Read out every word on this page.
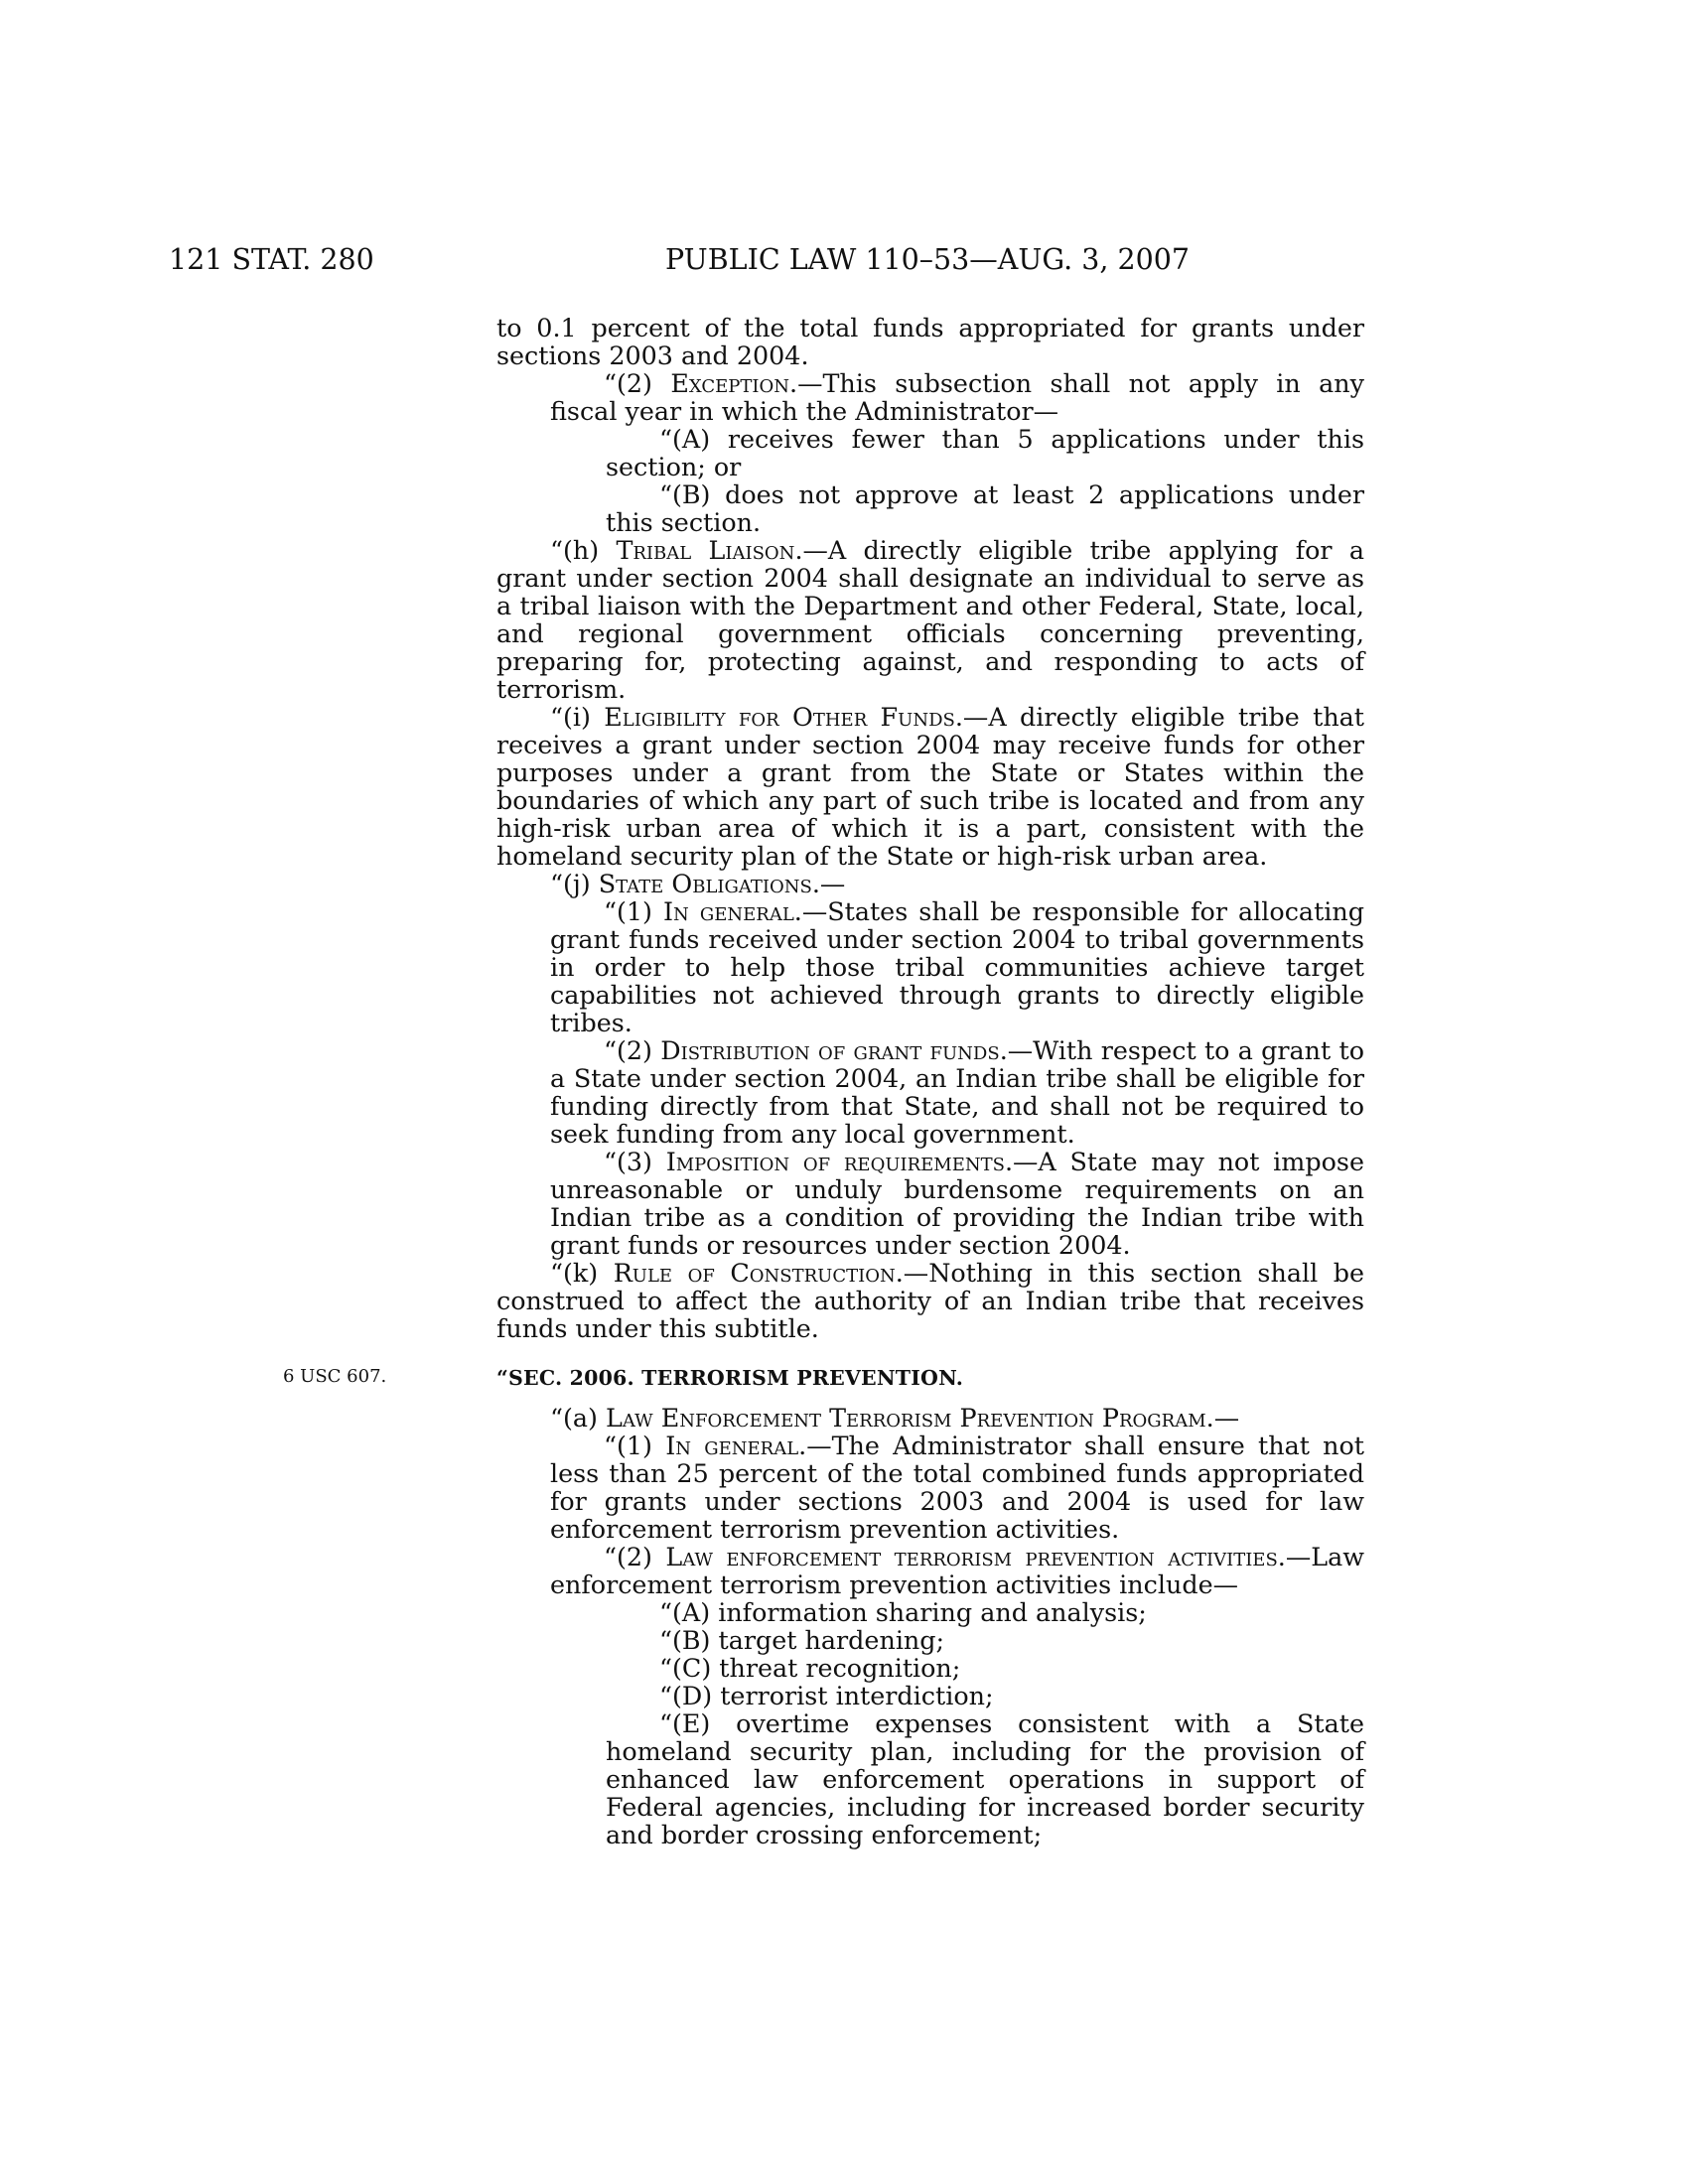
121 STAT. 280	PUBLIC LAW 110–53—AUG. 3, 2007
6 USC 607.

to 0.1 percent of the total funds appropriated for grants under sections 2003 and 2004.

“(2) Exception.—This subsection shall not apply in any fiscal year in which the Administrator—

“(A) receives fewer than 5 applications under this section; or

“(B) does not approve at least 2 applications under this section.

“(h) Tribal Liaison.—A directly eligible tribe applying for a grant under section 2004 shall designate an individual to serve as a tribal liaison with the Department and other Federal, State, local, and regional government officials concerning preventing, preparing for, protecting against, and responding to acts of terrorism.

“(i) Eligibility for Other Funds.—A directly eligible tribe that receives a grant under section 2004 may receive funds for other purposes under a grant from the State or States within the boundaries of which any part of such tribe is located and from any high-risk urban area of which it is a part, consistent with the homeland security plan of the State or high-risk urban area.

“(j) State Obligations.—

“(1) In general.—States shall be responsible for allocating grant funds received under section 2004 to tribal governments in order to help those tribal communities achieve target capabilities not achieved through grants to directly eligible tribes.

“(2) Distribution of grant funds.—With respect to a grant to a State under section 2004, an Indian tribe shall be eligible for funding directly from that State, and shall not be required to seek funding from any local government.

“(3) Imposition of requirements.—A State may not impose unreasonable or unduly burdensome requirements on an Indian tribe as a condition of providing the Indian tribe with grant funds or resources under section 2004.

“(k) Rule of Construction.—Nothing in this section shall be construed to affect the authority of an Indian tribe that receives funds under this subtitle.

“SEC. 2006. TERRORISM PREVENTION.

“(a) Law Enforcement Terrorism Prevention Program.—

“(1) In general.—The Administrator shall ensure that not less than 25 percent of the total combined funds appropriated for grants under sections 2003 and 2004 is used for law enforcement terrorism prevention activities.

“(2) Law enforcement terrorism prevention activities.—Law enforcement terrorism prevention activities include—

“(A) information sharing and analysis;

“(B) target hardening;

“(C) threat recognition;

“(D) terrorist interdiction;

“(E) overtime expenses consistent with a State homeland security plan, including for the provision of enhanced law enforcement operations in support of Federal agencies, including for increased border security and border crossing enforcement;
